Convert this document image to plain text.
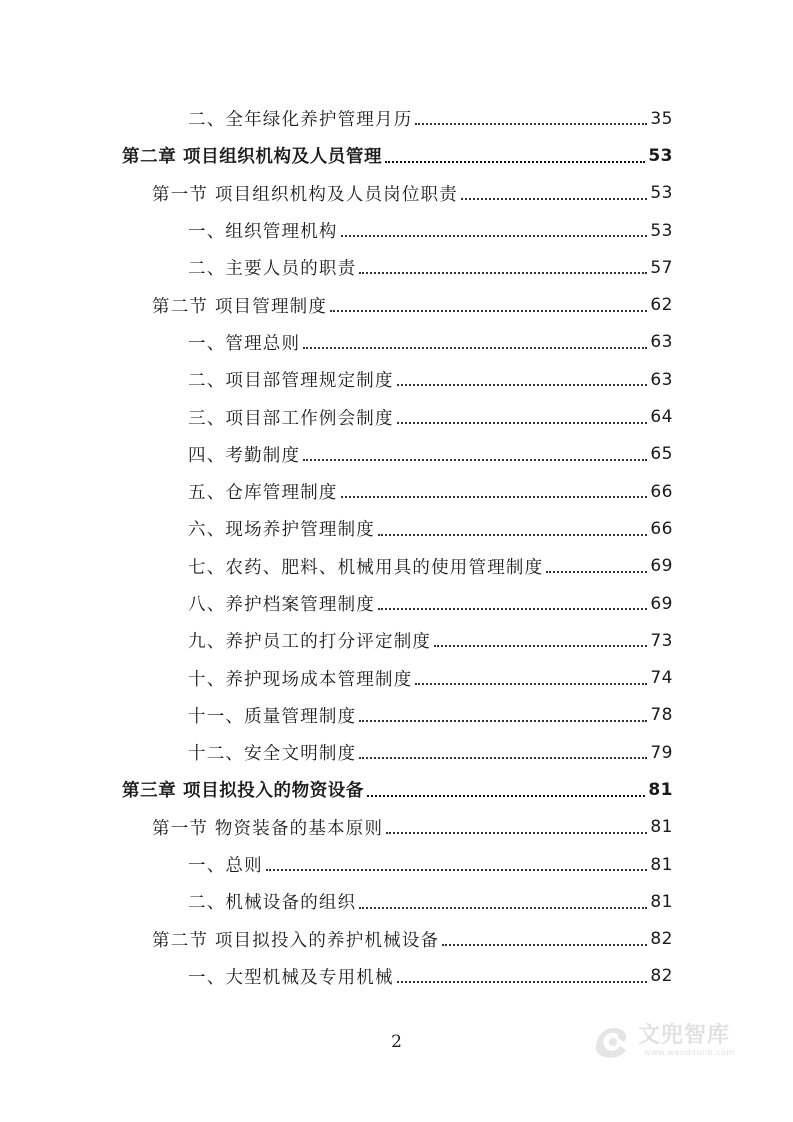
二、全年绿化养护管理月历	35
第二章 项目组织机构及人员管理	53
第一节 项目组织机构及人员岗位职责	53
一、组织管理机构	53
二、主要人员的职责	57
第二节 项目管理制度	62
一、管理总则	63
二、项目部管理规定制度	63
三、项目部工作例会制度	64
四、考勤制度	65
五、仓库管理制度	66
六、现场养护管理制度	66
七、农药、肥料、机械用具的使用管理制度	69
八、养护档案管理制度	69
九、养护员工的打分评定制度	73
十、养护现场成本管理制度	74
十一、质量管理制度	78
十二、安全文明制度	79
第三章 项目拟投入的物资设备	81
第一节 物资装备的基本原则	81
一、总则	81
二、机械设备的组织	81
第二节 项目拟投入的养护机械设备	82
一、大型机械及专用机械	82
2	文兜智库
www.wendoulib.com
